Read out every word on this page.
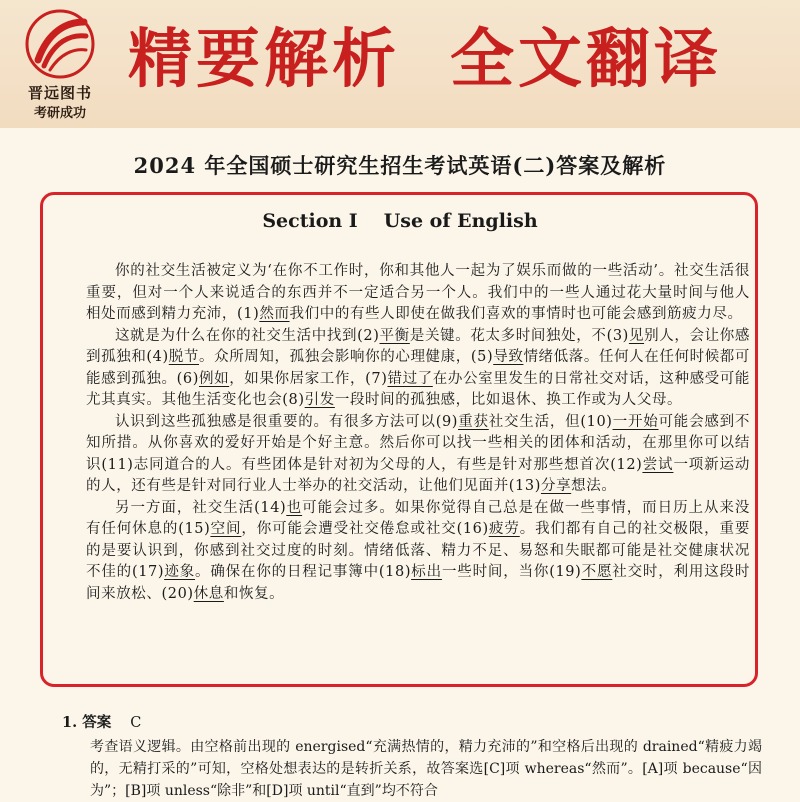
晋远图书
考研成功
精要解析 全文翻译
2024 年全国硕士研究生招生考试英语(二)答案及解析
Section Ⅰ Use of English

你的社交生活被定义为‘在你不工作时，你和其他人一起为了娱乐而做的一些活动’。社交生活很重要，但对一个人来说适合的东西并不一定适合另一个人。我们中的一些人通过花大量时间与他人相处而感到精力充沛，(1)然而我们中的有些人即使在做我们喜欢的事情时也可能会感到筋疲力尽。

这就是为什么在你的社交生活中找到(2)平衡是关键。花太多时间独处，不(3)见别人，会让你感到孤独和(4)脱节。众所周知，孤独会影响你的心理健康，(5)导致情绪低落。任何人在任何时候都可能感到孤独。(6)例如，如果你居家工作，(7)错过了在办公室里发生的日常社交对话，这种感受可能尤其真实。其他生活变化也会(8)引发一段时间的孤独感，比如退休、换工作或为人父母。

认识到这些孤独感是很重要的。有很多方法可以(9)重获社交生活，但(10)一开始可能会感到不知所措。从你喜欢的爱好开始是个好主意。然后你可以找一些相关的团体和活动，在那里你可以结识(11)志同道合的人。有些团体是针对初为父母的人，有些是针对那些想首次(12)尝试一项新运动的人，还有些是针对同行业人士举办的社交活动，让他们见面并(13)分享想法。

另一方面，社交生活(14)也可能会过多。如果你觉得自己总是在做一些事情，而日历上从来没有任何休息的(15)空间，你可能会遭受社交倦怠或社交(16)疲劳。我们都有自己的社交极限，重要的是要认识到，你感到社交过度的时刻。情绪低落、精力不足、易怒和失眠都可能是社交健康状况不佳的(17)迹象。确保在你的日程记事簿中(18)标出一些时间，当你(19)不愿社交时，利用这段时间来放松、(20)休息和恢复。

1. 答案 C
考查语义逻辑。由空格前出现的 energised“充满热情的，精力充沛的”和空格后出现的 drained“精疲力竭的，无精打采的”可知，空格处想表达的是转折关系，故答案选[C]项 whereas“然而”。[A]项 because“因为”；[B]项 unless“除非”和[D]项 until“直到”均不符合
